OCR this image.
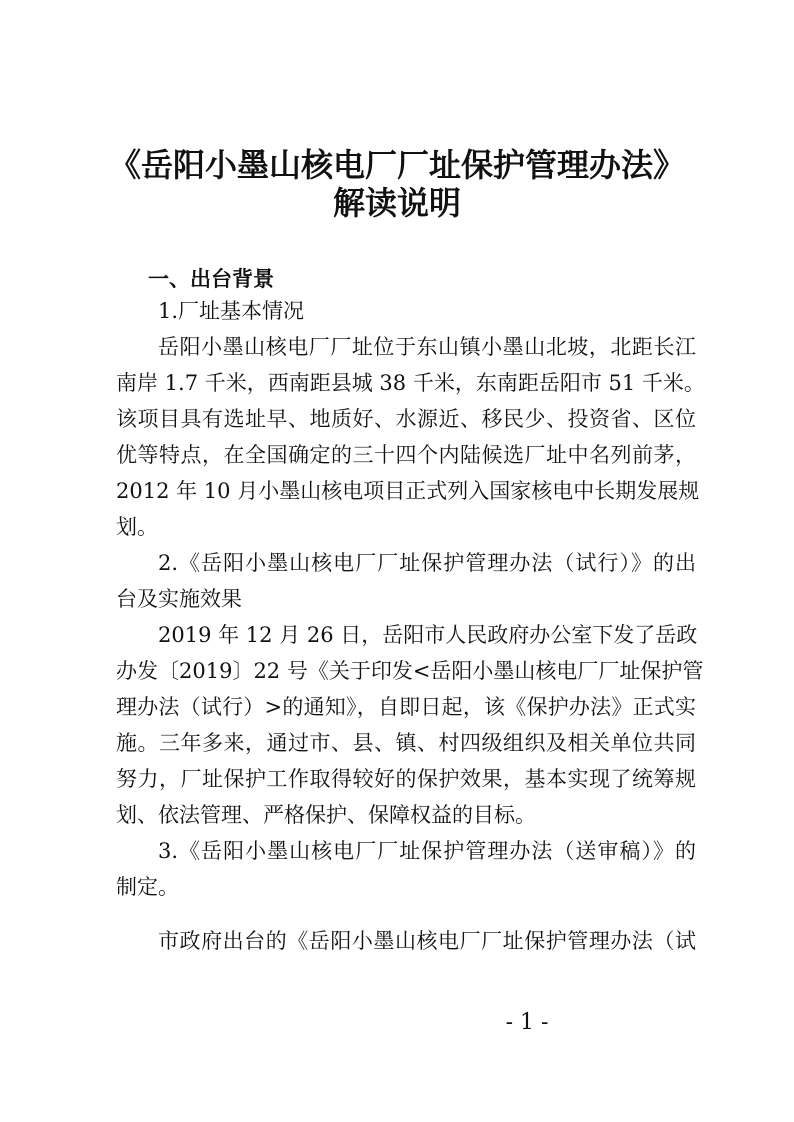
《岳阳小墨山核电厂厂址保护管理办法》
解读说明
一、出台背景
1.厂址基本情况
岳阳小墨山核电厂厂址位于东山镇小墨山北坡，北距长江
南岸 1.7 千米，西南距县城 38 千米，东南距岳阳市 51 千米。
该项目具有选址早、地质好、水源近、移民少、投资省、区位
优等特点，在全国确定的三十四个内陆候选厂址中名列前茅，
2012 年 10 月小墨山核电项目正式列入国家核电中长期发展规
划。
2.《岳阳小墨山核电厂厂址保护管理办法（试行）》的出
台及实施效果
2019 年 12 月 26 日，岳阳市人民政府办公室下发了岳政
办发〔2019〕22 号《关于印发<岳阳小墨山核电厂厂址保护管
理办法（试行）>的通知》，自即日起，该《保护办法》正式实
施。三年多来，通过市、县、镇、村四级组织及相关单位共同
努力，厂址保护工作取得较好的保护效果，基本实现了统筹规
划、依法管理、严格保护、保障权益的目标。
3.《岳阳小墨山核电厂厂址保护管理办法（送审稿）》的
制定。
市政府出台的《岳阳小墨山核电厂厂址保护管理办法（试
- 1 -
